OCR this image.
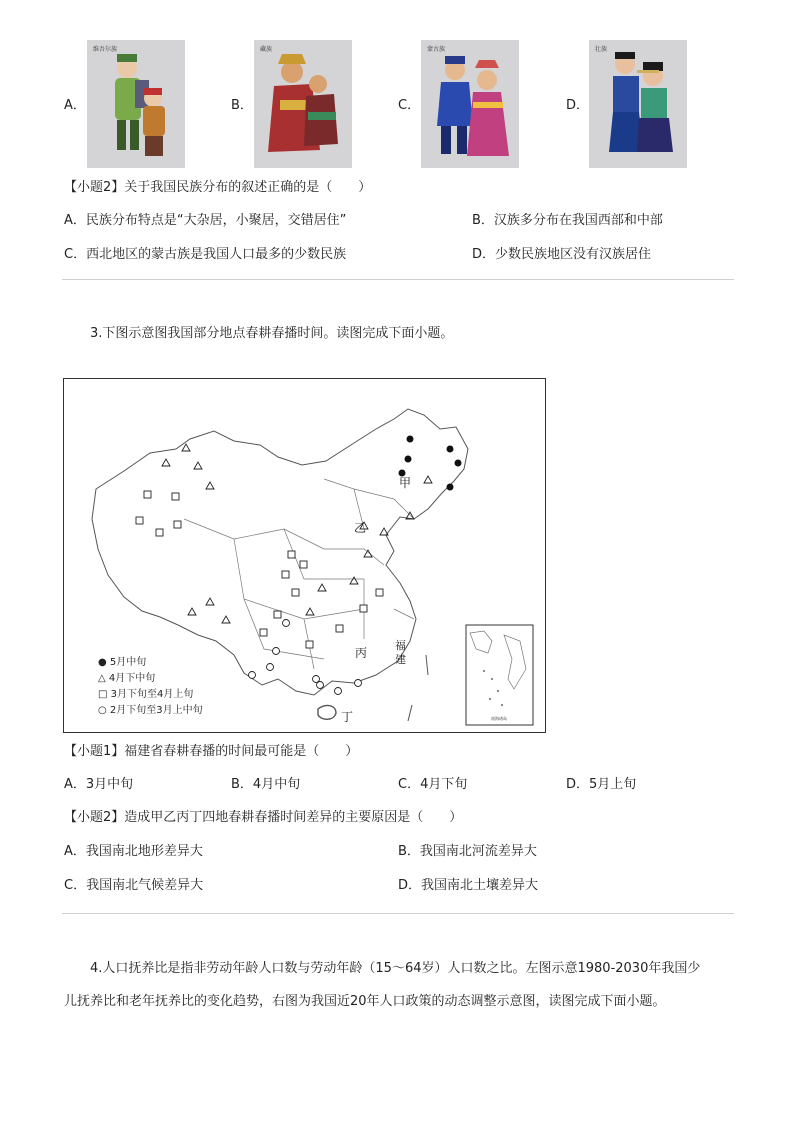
A．
维吾尔族
B．
藏族
C．
蒙古族
D．
壮族
【小题2】关于我国民族分布的叙述正确的是（　　）
A．民族分布特点是“大杂居，小聚居，交错居住”	B．汉族多分布在我国西部和中部
C．西北地区的蒙古族是我国人口最多的少数民族	D．少数民族地区没有汉族居住
3.下图示意图我国部分地点春耕春播时间。读图完成下面小题。
甲
乙
丙
丁
福
建
南海诸岛
● 5月中旬
△ 4月下中旬
□ 3月下旬至4月上旬
○ 2月下旬至3月上中旬
【小题1】福建省春耕春播的时间最可能是（　　）
A．3月中旬	B．4月中旬	C．4月下旬	D．5月上旬
【小题2】造成甲乙丙丁四地春耕春播时间差异的主要原因是（　　）
A．我国南北地形差异大	B．我国南北河流差异大
C．我国南北气候差异大	D．我国南北土壤差异大
4.人口抚养比是指非劳动年龄人口数与劳动年龄（15～64岁）人口数之比。左图示意1980-2030年我国少
儿抚养比和老年抚养比的变化趋势，右图为我国近20年人口政策的动态调整示意图，读图完成下面小题。
